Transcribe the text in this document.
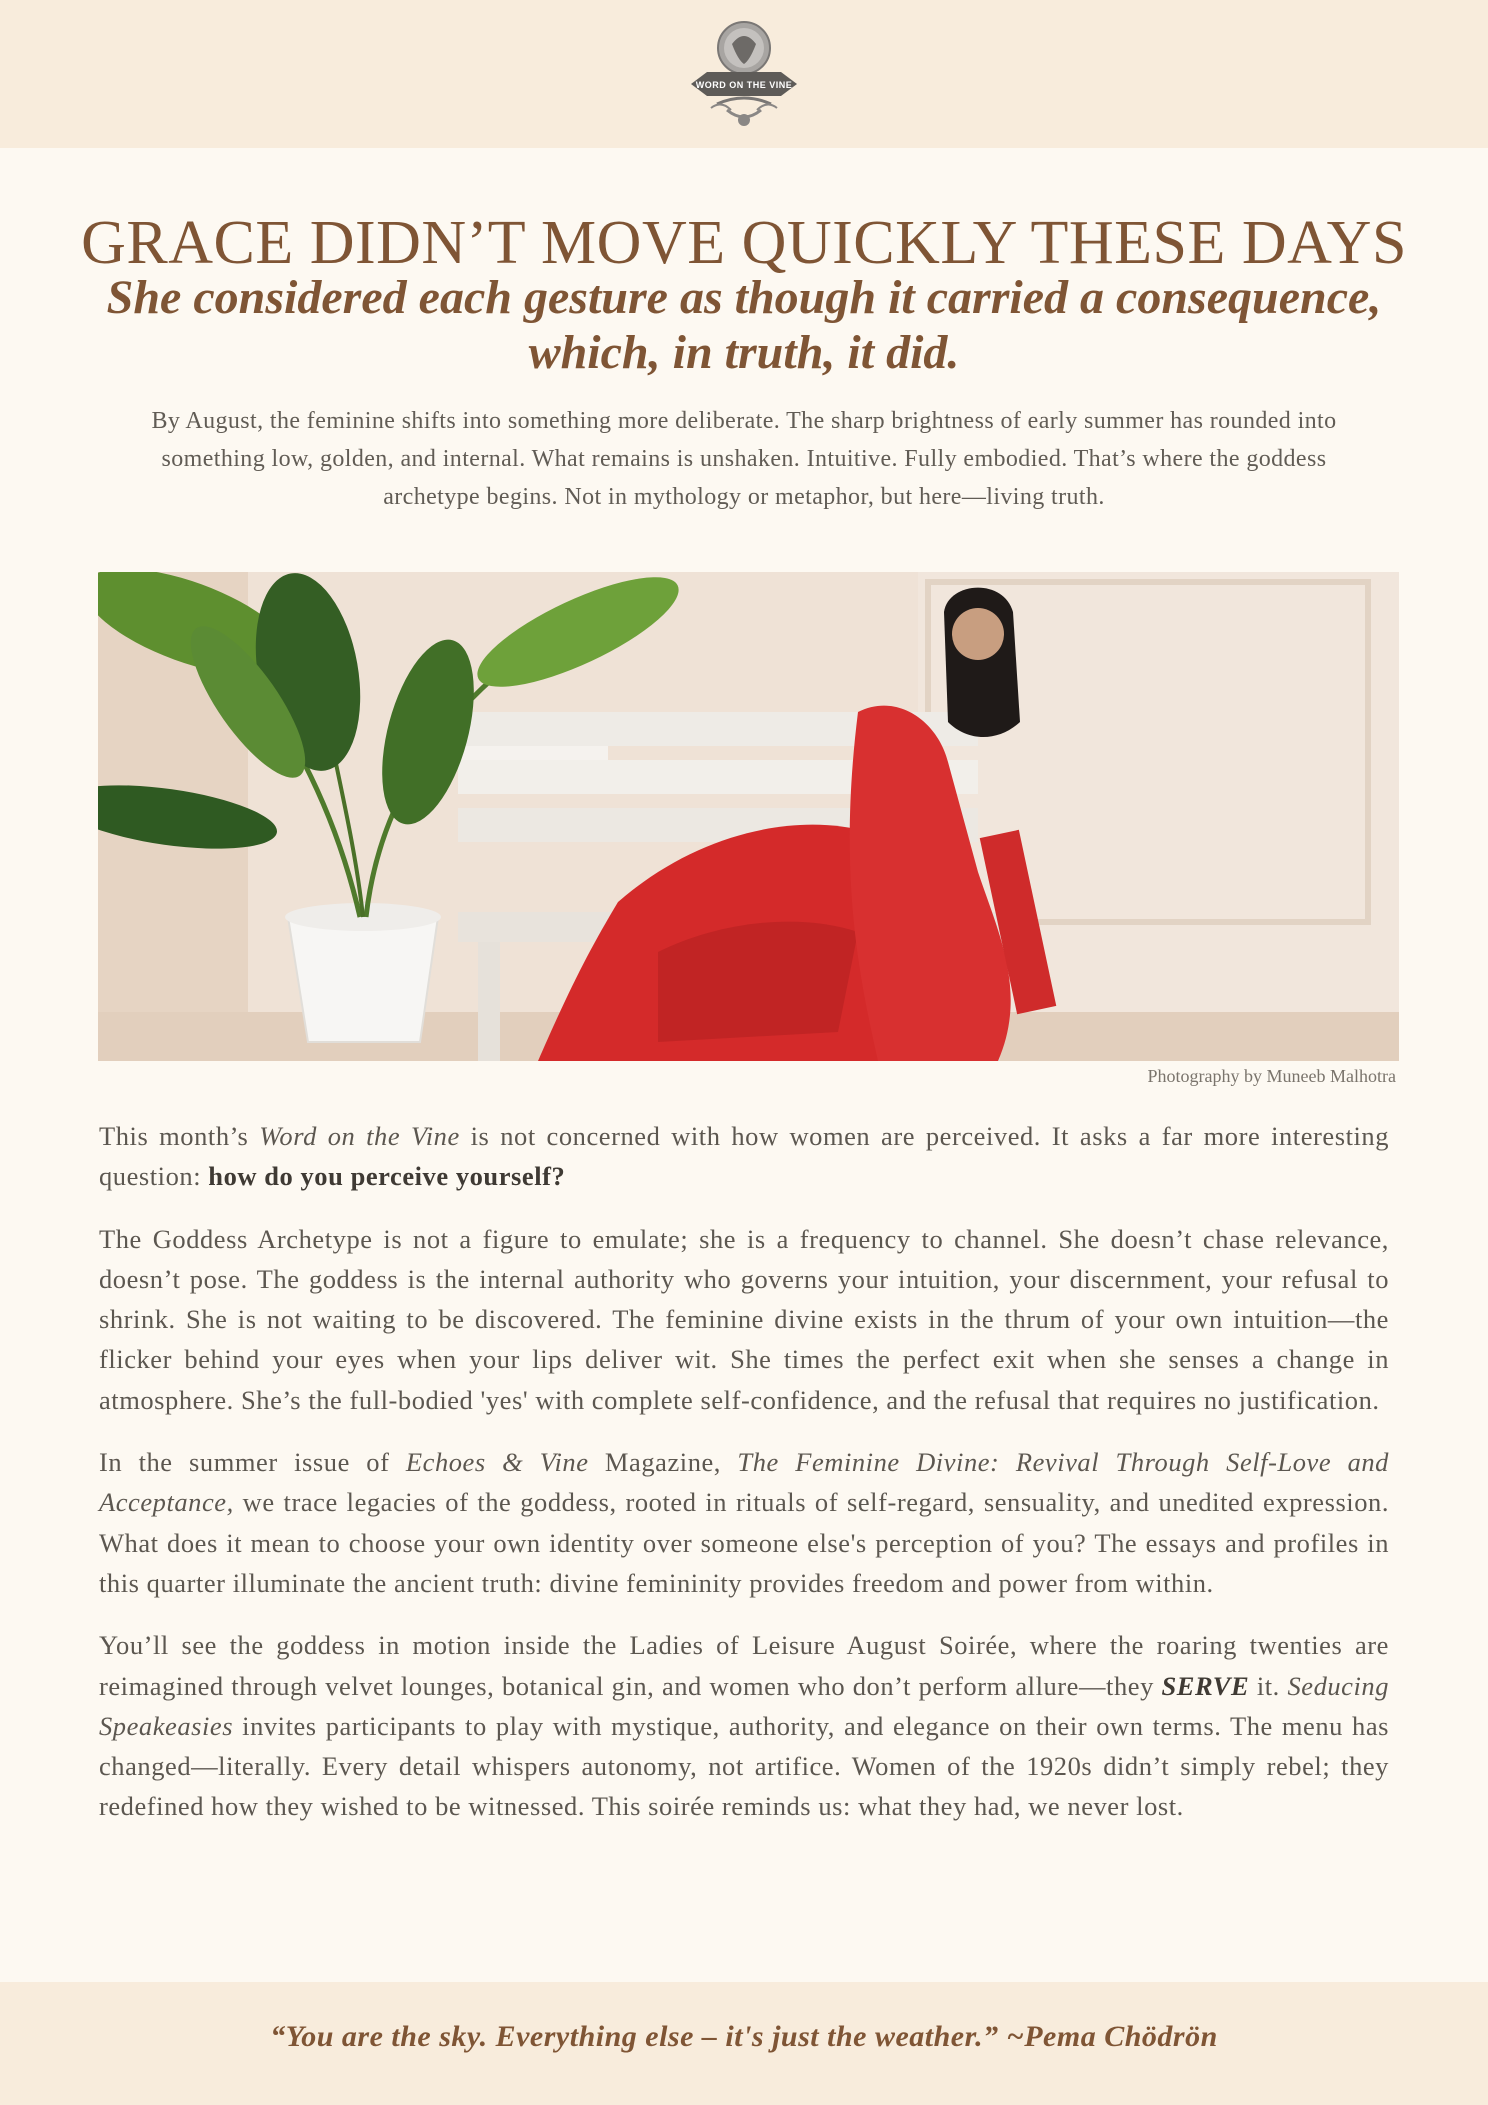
WORD ON THE VINE
GRACE DIDN’T MOVE QUICKLY THESE DAYS
She considered each gesture as though it carried a consequence,
which, in truth, it did.

By August, the feminine shifts into something more deliberate. The sharp brightness of early summer has rounded into something low, golden, and internal. What remains is unshaken. Intuitive. Fully embodied. That’s where the goddess archetype begins. Not in mythology or metaphor, but here—living truth.

Photography by Muneeb Malhotra

This month’s Word on the Vine is not concerned with how women are perceived. It asks a far more interesting question: how do you perceive yourself?

The Goddess Archetype is not a figure to emulate; she is a frequency to channel. She doesn’t chase relevance, doesn’t pose. The goddess is the internal authority who governs your intuition, your discernment, your refusal to shrink. She is not waiting to be discovered. The feminine divine exists in the thrum of your own intuition—the flicker behind your eyes when your lips deliver wit. She times the perfect exit when she senses a change in atmosphere. She’s the full-bodied 'yes' with complete self-confidence, and the refusal that requires no justification.

In the summer issue of Echoes & Vine Magazine, The Feminine Divine: Revival Through Self-Love and Acceptance, we trace legacies of the goddess, rooted in rituals of self-regard, sensuality, and unedited expression. What does it mean to choose your own identity over someone else's perception of you? The essays and profiles in this quarter illuminate the ancient truth: divine femininity provides freedom and power from within.

You’ll see the goddess in motion inside the Ladies of Leisure August Soirée, where the roaring twenties are reimagined through velvet lounges, botanical gin, and women who don’t perform allure—they SERVE it. Seducing Speakeasies invites participants to play with mystique, authority, and elegance on their own terms. The menu has changed—literally. Every detail whispers autonomy, not artifice. Women of the 1920s didn’t simply rebel; they redefined how they wished to be witnessed. This soirée reminds us: what they had, we never lost.

“You are the sky. Everything else – it's just the weather.” ~Pema Chödrön
